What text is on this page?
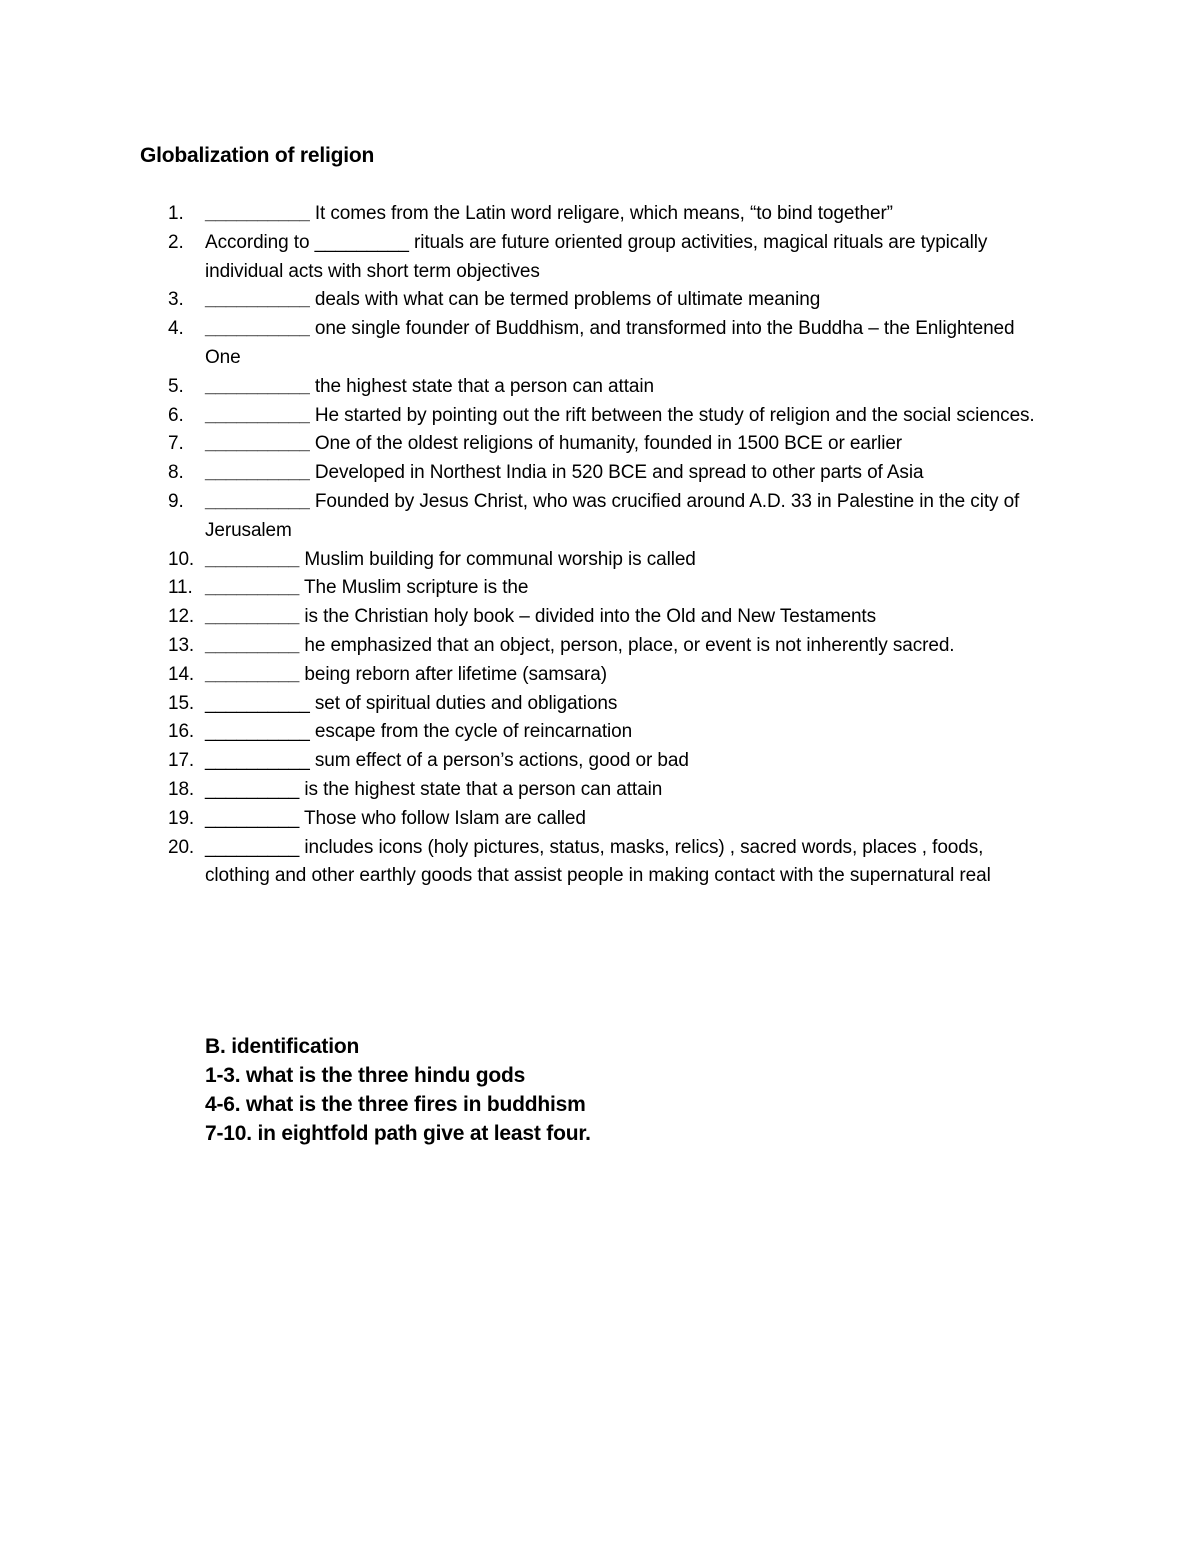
Globalization of religion
1.	__________ It comes from the Latin word religare, which means, “to bind together”
2.	According to _________ rituals are future oriented group activities, magical rituals are typically individual acts with short term objectives
3.	__________ deals with what can be termed problems of ultimate meaning
4.	__________ one single founder of Buddhism, and transformed into the Buddha – the Enlightened One
5.	__________ the highest state that a person can attain
6.	__________ He started by pointing out the rift between the study of religion and the social sciences.
7.	__________ One of the oldest religions of humanity, founded in 1500 BCE or earlier
8.	__________ Developed in Northest India in 520 BCE and spread to other parts of Asia
9.	__________ Founded by Jesus Christ, who was crucified around A.D. 33 in Palestine in the city of Jerusalem
10. _________ Muslim building for communal worship is called
11. _________ The Muslim scripture is the
12. _________ is the Christian holy book – divided into the Old and New Testaments
13. _________ he emphasized that an object, person, place, or event is not inherently sacred.
14. _________ being reborn after lifetime (samsara)
15. __________ set of spiritual duties and obligations
16. __________ escape from the cycle of reincarnation
17. __________ sum effect of a person’s actions, good or bad
18. _________ is the highest state that a person can attain
19. _________ Those who follow Islam are called
20. _________ includes icons (holy pictures, status, masks, relics) , sacred words, places , foods, clothing and other earthly goods that assist people in making contact with the supernatural real
B. identification
1-3. what is the three hindu gods
4-6. what is the three fires in buddhism
7-10. in eightfold path give at least four.
